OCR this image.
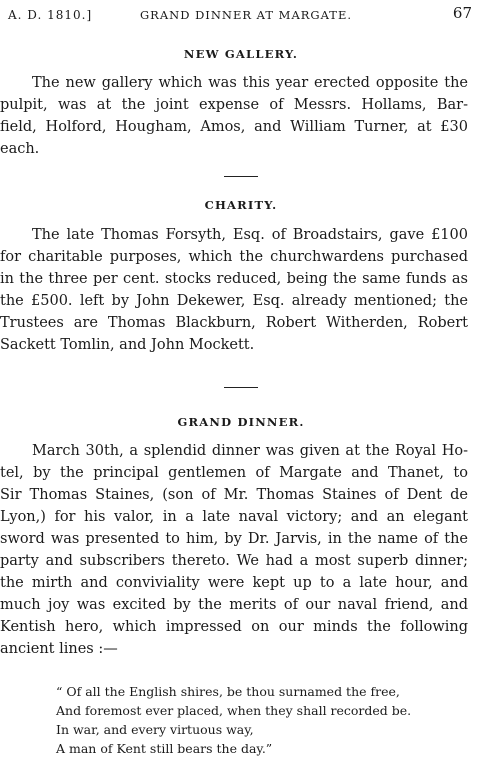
A. D. 1810.]	GRAND DINNER AT MARGATE.	67
NEW GALLERY.
The new gallery which was this year erected opposite the
pulpit, was at the joint expense of Messrs. Hollams, Bar-
field, Holford, Hougham, Amos, and William Turner, at £30
each.
CHARITY.
The late Thomas Forsyth, Esq. of Broadstairs, gave £100
for charitable purposes, which the churchwardens purchased
in the three per cent. stocks reduced, being the same funds as
the £500. left by John Dekewer, Esq. already mentioned; the
Trustees are Thomas Blackburn, Robert Witherden, Robert
Sackett Tomlin, and John Mockett.
GRAND DINNER.
March 30th, a splendid dinner was given at the Royal Ho-
tel, by the principal gentlemen of Margate and Thanet, to
Sir Thomas Staines, (son of Mr. Thomas Staines of Dent de
Lyon,) for his valor, in a late naval victory; and an elegant
sword was presented to him, by Dr. Jarvis, in the name of the
party and subscribers thereto. We had a most superb dinner;
the mirth and conviviality were kept up to a late hour, and
much joy was excited by the merits of our naval friend, and
Kentish hero, which impressed on our minds the following
ancient lines :—
“ Of all the English shires, be thou surnamed the free,
And foremost ever placed, when they shall recorded be.
In war, and every virtuous way,
A man of Kent still bears the day.”
